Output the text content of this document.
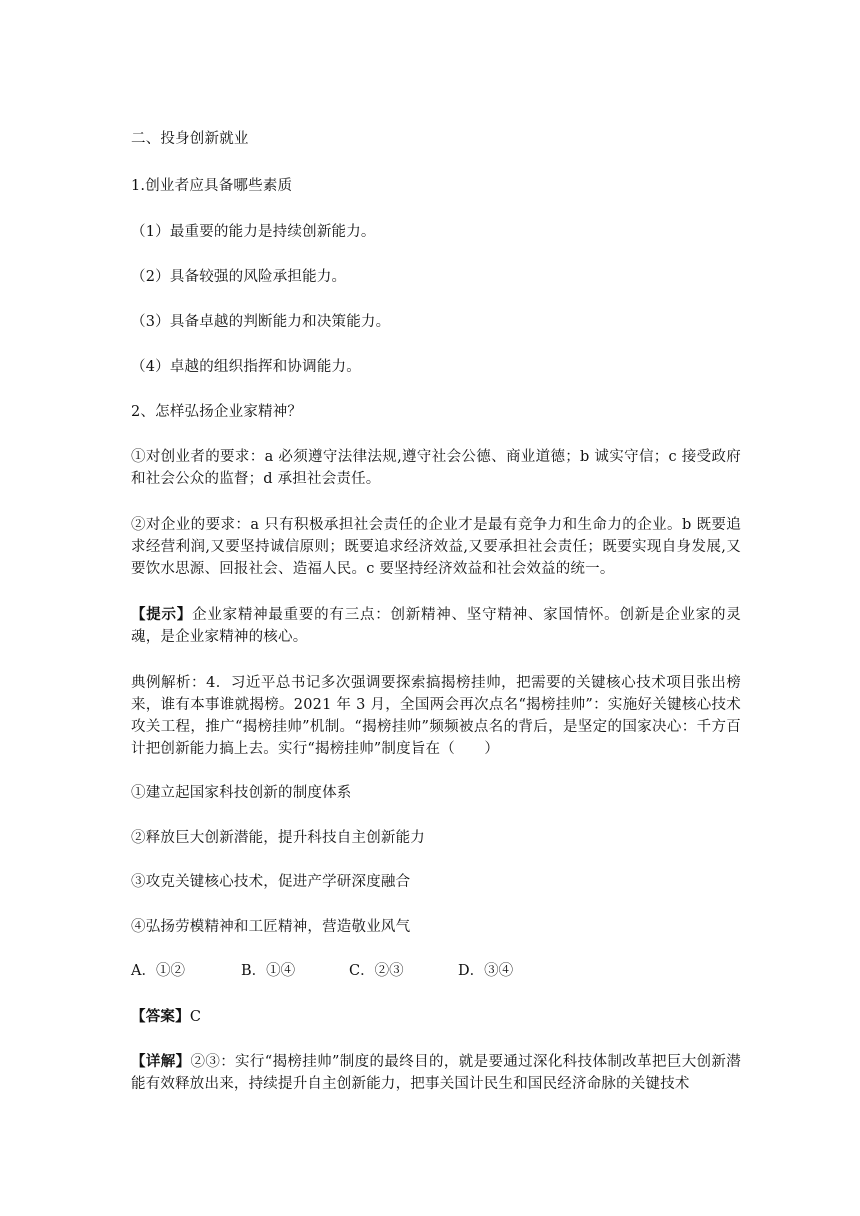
二、投身创新就业

1.创业者应具备哪些素质

（1）最重要的能力是持续创新能力。

（2）具备较强的风险承担能力。

（3）具备卓越的判断能力和决策能力。

（4）卓越的组织指挥和协调能力。

2、怎样弘扬企业家精神？

①对创业者的要求：a 必须遵守法律法规,遵守社会公德、商业道德；b 诚实守信；c 接受政府和社会公众的监督；d 承担社会责任。

②对企业的要求：a 只有积极承担社会责任的企业才是最有竞争力和生命力的企业。b 既要追求经营利润,又要坚持诚信原则；既要追求经济效益,又要承担社会责任；既要实现自身发展,又要饮水思源、回报社会、造福人民。c 要坚持经济效益和社会效益的统一。

【提示】企业家精神最重要的有三点：创新精神、坚守精神、家国情怀。创新是企业家的灵魂，是企业家精神的核心。

典例解析：4．习近平总书记多次强调要探索搞揭榜挂帅，把需要的关键核心技术项目张出榜来，谁有本事谁就揭榜。2021 年 3 月，全国两会再次点名“揭榜挂帅”：实施好关键核心技术攻关工程，推广“揭榜挂帅”机制。“揭榜挂帅”频频被点名的背后，是坚定的国家决心：千方百计把创新能力搞上去。实行“揭榜挂帅”制度旨在（　　）

①建立起国家科技创新的制度体系

②释放巨大创新潜能，提升科技自主创新能力

③攻克关键核心技术，促进产学研深度融合

④弘扬劳模精神和工匠精神，营造敬业风气

A．①②	B．①④	C．②③	D．③④

【答案】C

【详解】②③：实行“揭榜挂帅”制度的最终目的，就是要通过深化科技体制改革把巨大创新潜能有效释放出来，持续提升自主创新能力，把事关国计民生和国民经济命脉的关键技术
